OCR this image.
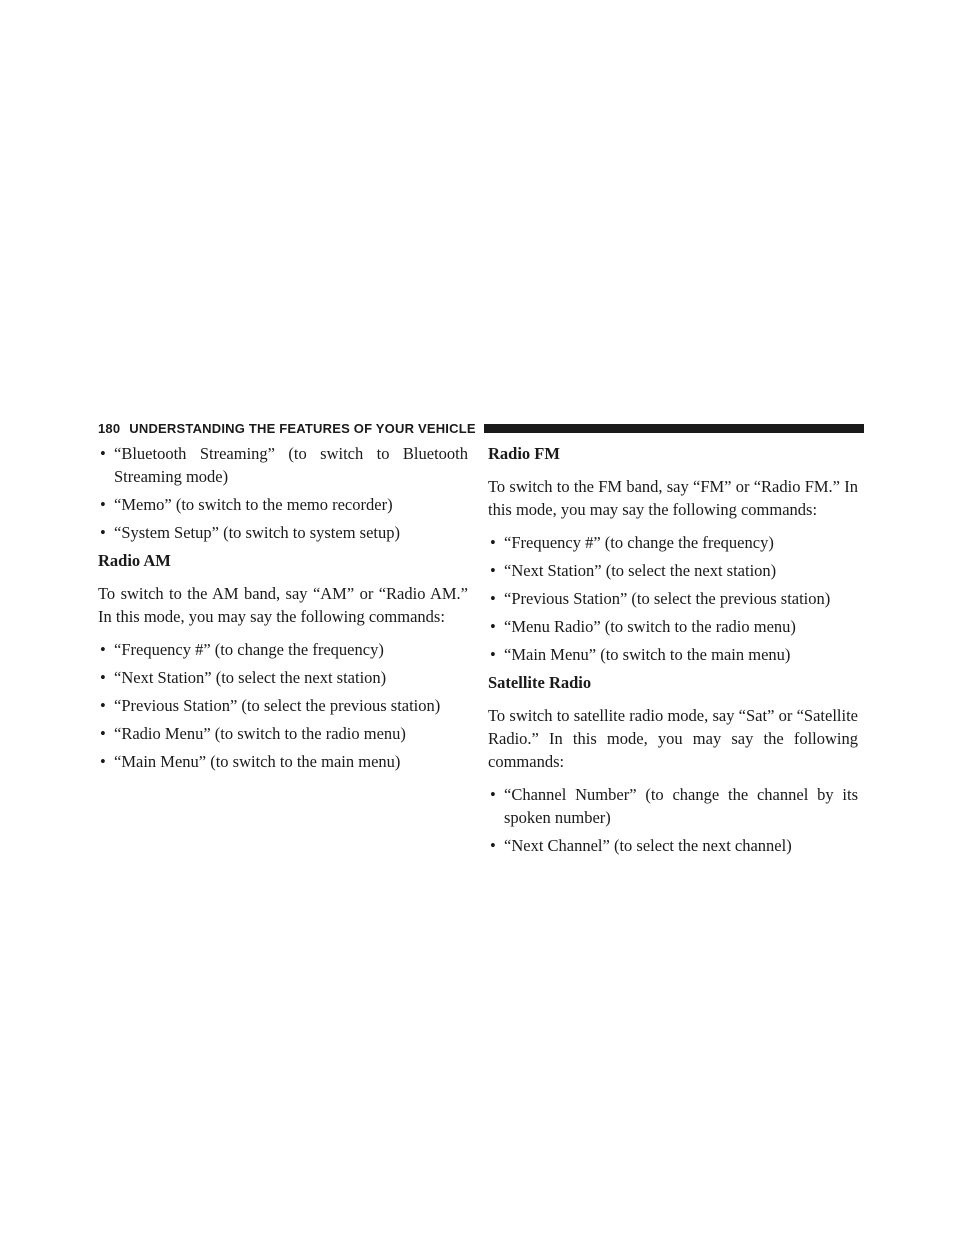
180 UNDERSTANDING THE FEATURES OF YOUR VEHICLE
• “Bluetooth Streaming” (to switch to Bluetooth Streaming mode)
• “Memo” (to switch to the memo recorder)
• “System Setup” (to switch to system setup)
Radio AM

To switch to the AM band, say “AM” or “Radio AM.” In this mode, you may say the following commands:

• “Frequency #” (to change the frequency)
• “Next Station” (to select the next station)
• “Previous Station” (to select the previous station)
• “Radio Menu” (to switch to the radio menu)
• “Main Menu” (to switch to the main menu)
Radio FM

To switch to the FM band, say “FM” or “Radio FM.” In this mode, you may say the following commands:

• “Frequency #” (to change the frequency)
• “Next Station” (to select the next station)
• “Previous Station” (to select the previous station)
• “Menu Radio” (to switch to the radio menu)
• “Main Menu” (to switch to the main menu)
Satellite Radio

To switch to satellite radio mode, say “Sat” or “Satellite Radio.” In this mode, you may say the following commands:

• “Channel Number” (to change the channel by its spoken number)
• “Next Channel” (to select the next channel)
